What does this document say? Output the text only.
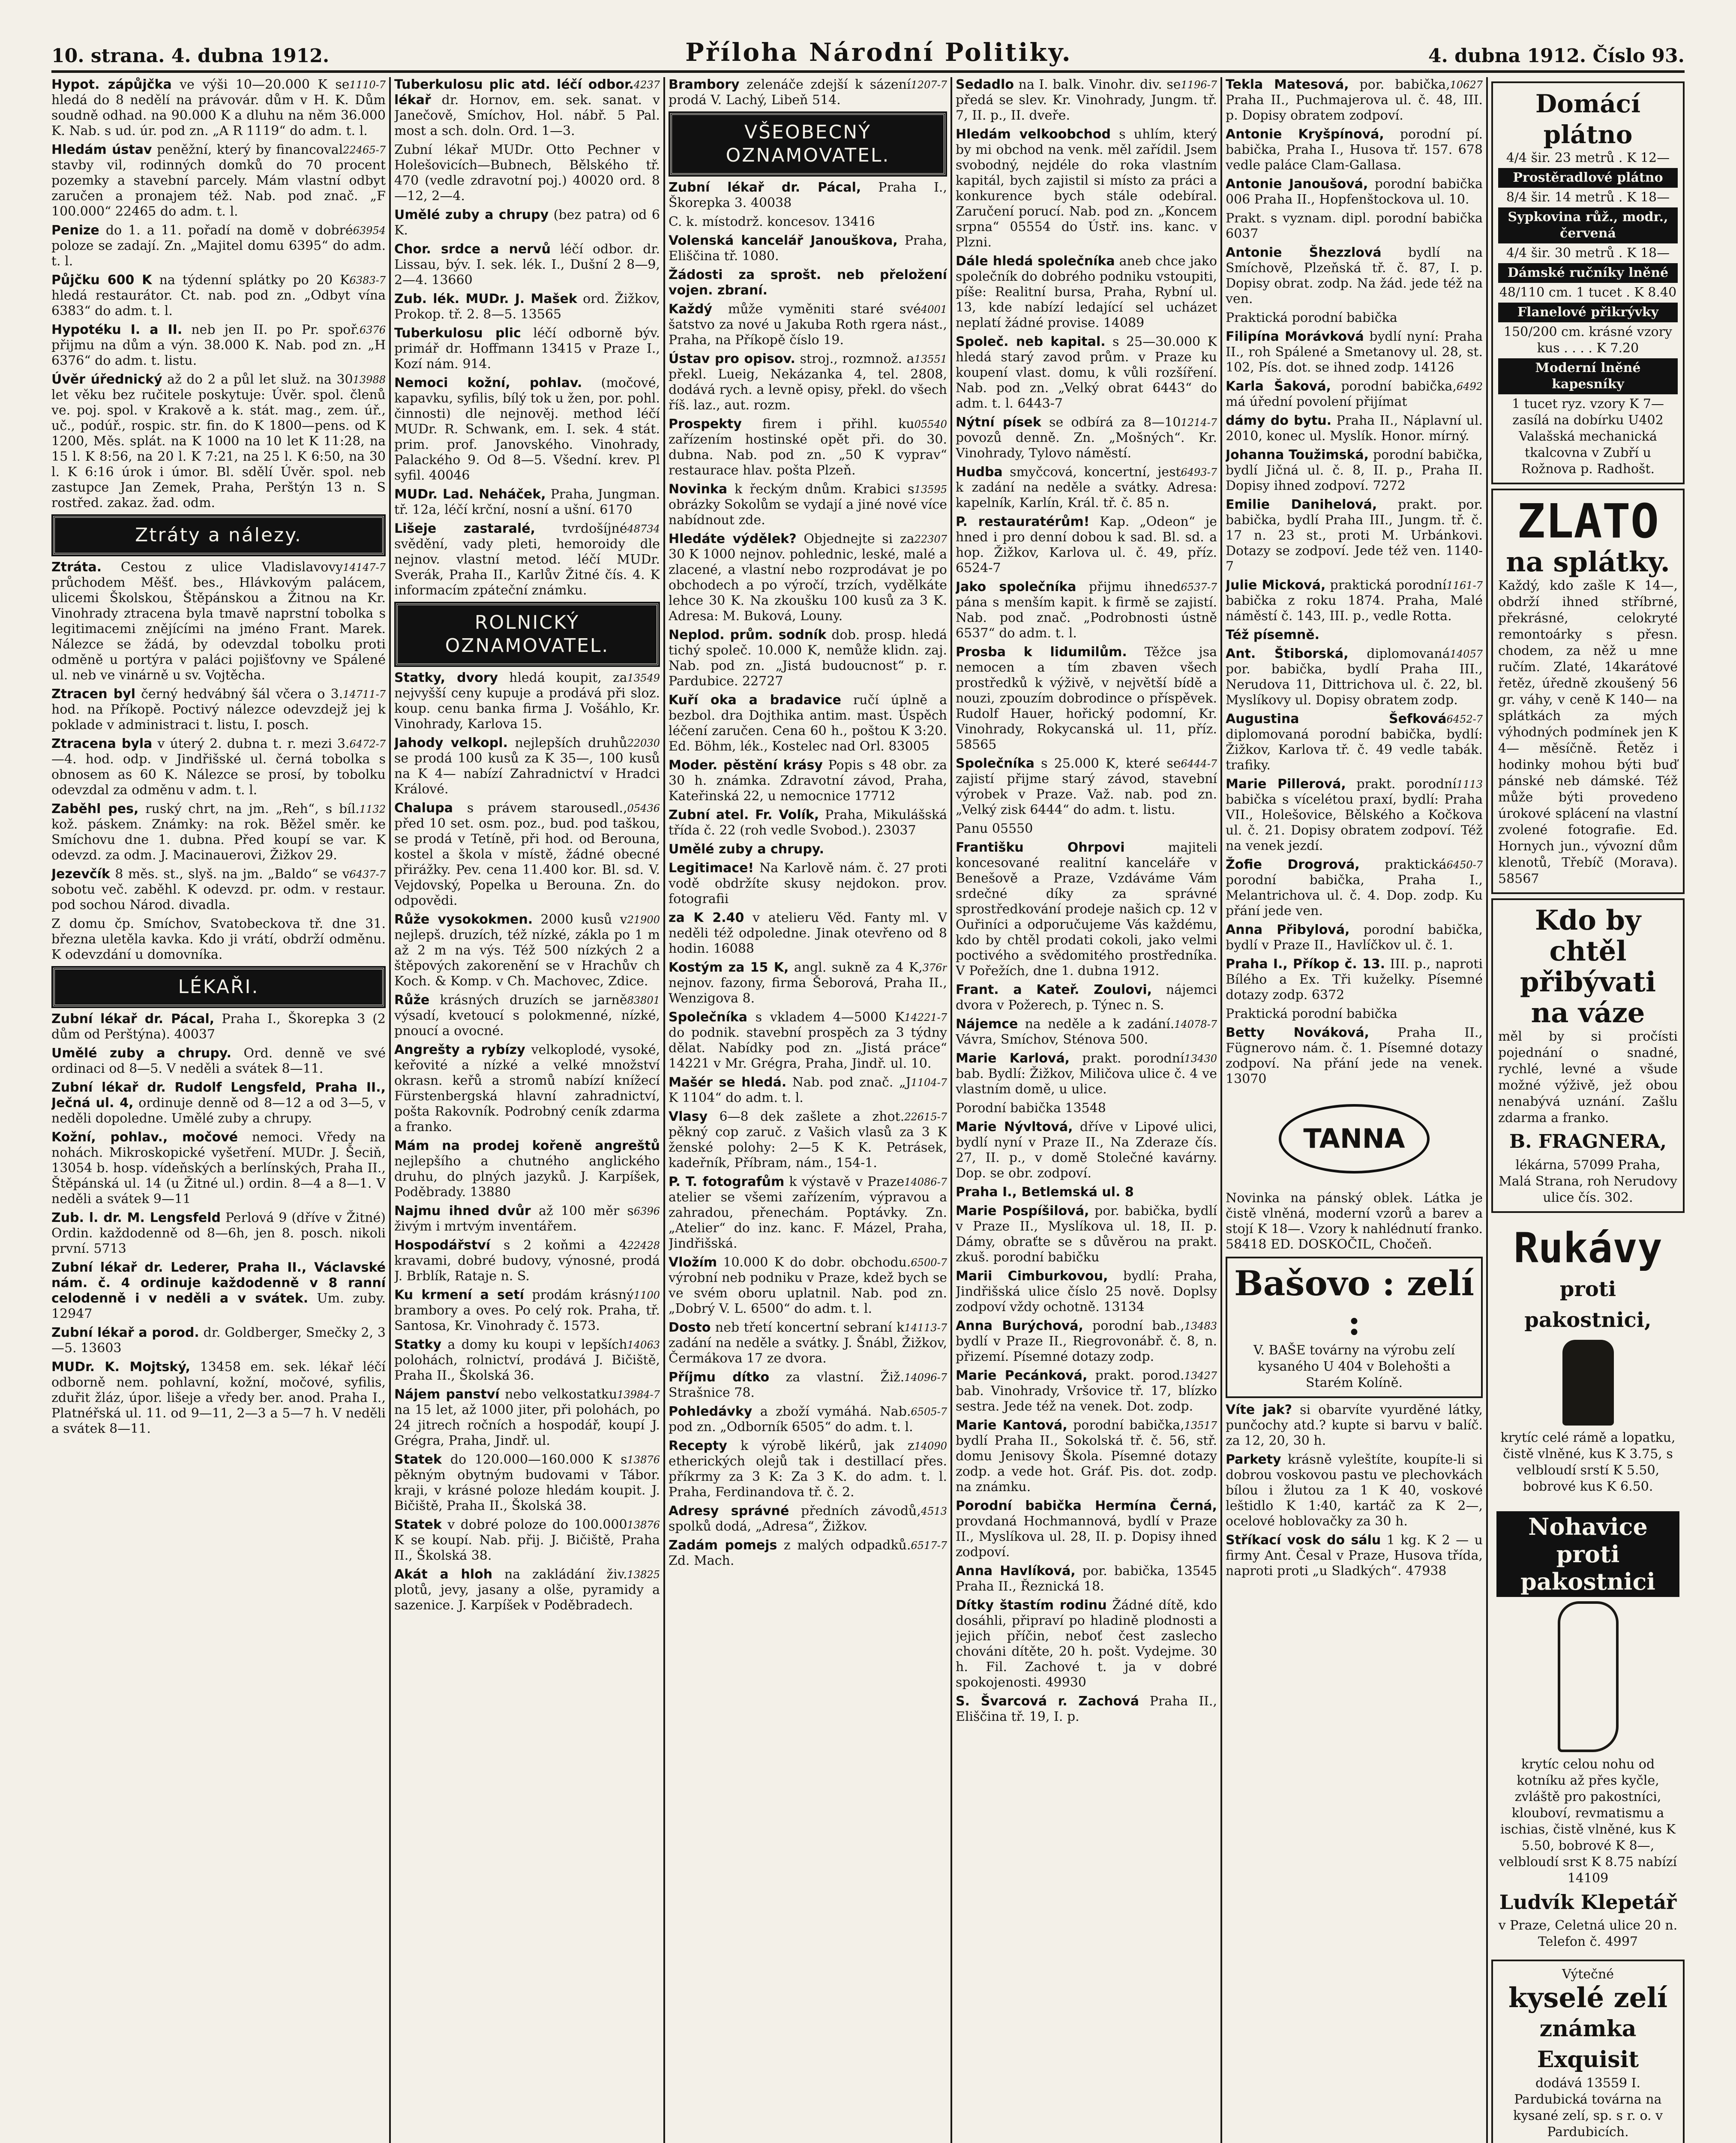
10. strana. 4. dubna 1912.	Příloha Národní Politiky.	4. dubna 1912. Číslo 93.
1110-7
Hypot. zápůjčka ve výši 10—20.000 K se hledá do 8 nedělí na právovár. dům v H. K. Dům soudně odhad. na 90.000 K a dluhu na něm 36.000 K. Nab. s ud. úr. pod zn. „A R 1119“ do adm. t. l.
22465-7
Hledám ústav peněžní, který by financoval stavby vil, rodinných domků do 70 procent pozemky a stavební parcely. Mám vlastní odbyt zaručen a pronajem též. Nab. pod znač. „F 100.000“ 22465 do adm. t. l.
63954
Penize do 1. a 11. pořadí na domě v dobré poloze se zadají. Zn. „Majitel domu 6395“ do adm. t. l.
6383-7
Půjčku 600 K na týdenní splátky po 20 K hledá restaurátor. Ct. nab. pod zn. „Odbyt vína 6383“ do adm. t. l.
6376
Hypotéku I. a II. neb jen II. po Pr. spoř. přijmu na dům a výn. 38.000 K. Nab. pod zn. „H 6376“ do adm. t. listu.
13988
Úvěr úřednický až do 2 a půl let služ. na 30 let věku bez ručitele poskytuje: Úvěr. spol. členů ve. poj. spol. v Krakově a k. stát. mag., zem. úř., uč., podúř., rospic. str. fin. do K 1800—pens. od K 1200, Měs. splát. na K 1000 na 10 let K 11:28, na 15 l. K 8:56, na 20 l. K 7:21, na 25 l. K 6:50, na 30 l. K 6:16 úrok i úmor. Bl. sdělí Úvěr. spol. neb zastupce Jan Zemek, Praha, Perštýn 13 n. S rostřed. zakaz. žad. odm.
Ztráty a nálezy.
14147-7
Ztráta. Cestou z ulice Vladislavovy průchodem Měšť. bes., Hlávkovým palácem, ulicemi Školskou, Štěpánskou a Žitnou na Kr. Vinohrady ztracena byla tmavě naprstní tobolka s legitimacemi znějícími na jméno Frant. Marek. Nálezce se žádá, by odevzdal tobolku proti odměně u portýra v paláci pojišťovny ve Spálené ul. neb ve vinárně u sv. Vojtěcha.
14711-7
Ztracen byl černý hedvábný šál včera o 3. hod. na Příkopě. Poctivý nálezce odevzdejž jej k poklade v administraci t. listu, I. posch.
6472-7
Ztracena byla v úterý 2. dubna t. r. mezi 3.—4. hod. odp. v Jindřišské ul. černá tobolka s obnosem as 60 K. Nálezce se prosí, by tobolku odevzdal za odměnu v adm. t. l.
1132
Zaběhl pes, ruský chrt, na jm. „Reh“, s bíl. kož. páskem. Známky: na rok. Běžel směr. ke Smíchovu dne 1. dubna. Před koupí se var. K odevzd. za odm. J. Macinauerovi, Žižkov 29.
6437-7
Jezevčík 8 měs. st., slyš. na jm. „Baldo“ se v sobotu več. zaběhl. K odevzd. pr. odm. v restaur. pod sochou Národ. divadla.
Z domu čp. Smíchov, Svatobeckova tř. dne 31. března uletěla kavka. Kdo ji vrátí, obdrží odměnu. K odevzdání u domovníka.
LÉKAŘI.
Zubní lékař dr. Pácal, Praha I., Škorepka 3 (2 dům od Perštýna). 40037
Umělé zuby a chrupy. Ord. denně ve své ordinaci od 8—5. V neděli a svátek 8—11.
Zubní lékař dr. Rudolf Lengsfeld, Praha II., Ječná ul. 4, ordinuje denně od 8—12 a od 3—5, v neděli dopoledne. Umělé zuby a chrupy.
Kožní, pohlav., močové nemoci. Vředy na nohách. Mikroskopické vyšetření. MUDr. J. Šeciň, 13054 b. hosp. vídeňských a berlínských, Praha II., Štěpánská ul. 14 (u Žitné ul.) ordin. 8—4 a 8—1. V neděli a svátek 9—11
Zub. l. dr. M. Lengsfeld Perlová 9 (dříve v Žitné) Ordin. každodenně od 8—6h, jen 8. posch. nikoli první. 5713
Zubní lékař dr. Lederer, Praha II., Václavské nám. č. 4 ordinuje každodenně v 8 ranní celodenně i v neděli a v svátek. Um. zuby. 12947
Zubní lékař a porod. dr. Goldberger, Smečky 2, 3—5. 13603
MUDr. K. Mojtský, 13458 em. sek. lékař léčí odborně nem. pohlavní, kožní, močové, syfilis, zduřit žláz, úpor. lišeje a vředy ber. anod. Praha I., Platnéřská ul. 11. od 9—11, 2—3 a 5—7 h. V neděli a svátek 8—11.
4237
Tuberkulosu plic atd. léčí odbor. lékař dr. Hornov, em. sek. sanat. v Janečově, Smíchov, Hol. nábř. 5 Pal. most a sch. doln. Ord. 1—3.
Zubní lékař MUDr. Otto Pechner v Holešovicích—Bubnech, Bělského tř. 470 (vedle zdravotní poj.) 40020 ord. 8—12, 2—4.
Umělé zuby a chrupy (bez patra) od 6 K.
Chor. srdce a nervů léčí odbor. dr. Lissau, býv. I. sek. lék. I., Dušní 2 8—9, 2—4. 13660
Zub. lék. MUDr. J. Mašek ord. Žižkov, Prokop. tř. 2. 8—5. 13565
Tuberkulosu plic léčí odborně býv. primář dr. Hoffmann 13415 v Praze I., Kozí nám. 914.
Nemoci kožní, pohlav. (močové, kapavku, syfilis, bílý tok u žen, por. pohl. činnosti) dle nejnověj. method léčí MUDr. R. Schwank, em. I. sek. 4 stát. prim. prof. Janovského. Vinohrady, Palackého 9. Od 8—5. Všední. krev. Pl syfil. 40046
MUDr. Lad. Neháček, Praha, Jungman. tř. 12a, léčí krční, nosní a ušní. 6170
48734
Lišeje zastaralé, tvrdošíjné svědění, vady pleti, hemoroidy dle nejnov. vlastní metod. léčí MUDr. Sverák, Praha II., Karlův Žitné čís. 4. K informacím zpáteční známku.
ROLNICKÝ OZNAMOVATEL.
13549
Statky, dvory hledá koupit, za nejvyšší ceny kupuje a prodává při sloz. koup. cenu banka firma J. Vošáhlo, Kr. Vinohrady, Karlova 15.
22030
Jahody velkopl. nejlepších druhů se prodá 100 kusů za K 35—, 100 kusů na K 4— nabízí Zahradnictví v Hradci Králové.
05436
Chalupa s právem starousedl., před 10 set. osm. poz., bud. pod taškou, se prodá v Tetíně, při hod. od Berouna, kostel a škola v místě, žádné obecné přirážky. Pev. cena 11.400 kor. Bl. sd. V. Vejdovský, Popelka u Berouna. Zn. do odpovědi.
21900
Růže vysokokmen. 2000 kusů v nejlepš. druzích, též nízké, zákla po 1 m až 2 m na výs. Též 500 nízkých 2 a štěpových zakorenění se v Hrachův ch Koch. & Komp. v Ch. Machovec, Zdice.
83801
Růže krásných druzích se jarně výsadí, kvetoucí s polokmenné, nízké, pnoucí a ovocné.
Angrešty a rybízy velkoplodé, vysoké, keřovité a nízké a velké množství okrasn. keřů a stromů nabízí knížecí Fürstenbergská hlavní zahradnictví, pošta Rakovník. Podrobný ceník zdarma a franko.
Mám na prodej kořeně angreštů nejlepšího a chutného anglického druhu, do plných jazyků. J. Karpíšek, Poděbrady. 13880
6396
Najmu ihned dvůr až 100 měr s živým i mrtvým inventářem.
22428
Hospodářství s 2 koňmi a 4 kravami, dobré budovy, výnosné, prodá J. Brblík, Rataje n. S.
1100
Ku krmení a setí prodám krásný brambory a oves. Po celý rok. Praha, tř. Santosa, Kr. Vinohrady č. 1573.
14063
Statky a domy ku koupi v lepších polohách, rolnictví, prodává J. Bičiště, Praha II., Školská 36.
13984-7
Nájem panství nebo velkostatku na 15 let, až 1000 jiter, při polohách, po 24 jitrech ročních a hospodář, koupí J. Grégra, Praha, Jindř. ul.
13876
Statek do 120.000—160.000 K s pěkným obytným budovami v Tábor. kraji, v krásné poloze hledám koupit. J. Bičiště, Praha II., Školská 38.
13876
Statek v dobré poloze do 100.000 K se koupí. Nab. přij. J. Bičiště, Praha II., Školská 38.
13825
Akát a hloh na zakládání živ. plotů, jevy, jasany a olše, pyramidy a sazenice. J. Karpíšek v Poděbradech.
1207-7
Brambory zelenáče zdejší k sázení prodá V. Lachý, Libeň 514.
VŠEOBECNÝ OZNAMOVATEL.
Zubní lékař dr. Pácal, Praha I., Škorepka 3. 40038
C. k. místodrž. koncesov. 13416
Volenská kancelář Janouškova, Praha, Eliščina tř. 1080.
Žádosti za sprošt. neb přeložení vojen. zbraní.
4001
Každý může vyměniti staré své šatstvo za nové u Jakuba Roth rgera nást., Praha, na Příkopě číslo 19.
13551
Ústav pro opisov. stroj., rozmnož. a překl. Lueig, Nekázanka 4, tel. 2808, dodává rych. a levně opisy, překl. do všech říš. laz., aut. rozm.
05540
Prospekty firem i přihl. ku zařízením hostinské opět při. do 30. dubna. Nab. pod zn. „50 K vyprav“ restaurace hlav. pošta Plzeň.
13595
Novinka k řeckým dnům. Krabici s obrázky Sokolům se vydají a jiné nové více nabídnout zde.
22307
Hledáte výdělek? Objednejte si za 30 K 1000 nejnov. pohlednic, leské, malé a zlacené, a vlastní nebo rozprodávat je po obchodech a po výročí, trzích, vydělkáte lehce 30 K. Na zkoušku 100 kusů za 3 K. Adresa: M. Buková, Louny.
Neplod. prům. sodník dob. prosp. hledá tichý společ. 10.000 K, nemůže klidn. zaj. Nab. pod zn. „Jistá budoucnost“ p. r. Pardubice. 22727
Kuří oka a bradavice ručí úplně a bezbol. dra Dojthika antim. mast. Úspěch léčení zaručen. Cena 60 h., poštou K 3:20. Ed. Böhm, lék., Kostelec nad Orl. 83005
Moder. pěstění krásy Popis s 48 obr. za 30 h. známka. Zdravotní závod, Praha, Kateřinská 22, u nemocnice 17712
Zubní atel. Fr. Volík, Praha, Mikulášská třída č. 22 (roh vedle Svobod.). 23037
Umělé zuby a chrupy.
Legitimace! Na Karlově nám. č. 27 proti vodě obdržíte skusy nejdokon. prov. fotografii
za K 2.40 v atelieru Věd. Fanty ml. V neděli též odpoledne. Jinak otevřeno od 8 hodin. 16088
376r
Kostým za 15 K, angl. sukně za 4 K, nejnov. fazony, firma Šeborová, Praha II., Wenzigova 8.
14221-7
Společníka s vkladem 4—5000 K do podnik. stavební prospěch za 3 týdny dělat. Nabídky pod zn. „Jistá práce“ 14221 v Mr. Grégra, Praha, Jindř. ul. 10.
1104-7
Mašér se hledá. Nab. pod znač. „J K 1104“ do adm. t. l.
22615-7
Vlasy 6—8 dek zašlete a zhot. pěkný cop zaruč. z Vašich vlasů za 3 K ženské polohy: 2—5 K K. Petrásek, kadeřník, Příbram, nám., 154-1.
14086-7
P. T. fotografům k výstavě v Praze atelier se všemi zařízením, výpravou a zahradou, přenechám. Poptávky. Zn. „Atelier“ do inz. kanc. F. Mázel, Praha, Jindřišská.
6500-7
Vložím 10.000 K do dobr. obchodu. výrobní neb podniku v Praze, kdež bych se ve svém oboru uplatnil. Nab. pod zn. „Dobrý V. L. 6500“ do adm. t. l.
14113-7
Dosto neb třetí koncertní sebraní k zadání na neděle a svátky. J. Šnábl, Žižkov, Čermákova 17 ze dvora.
14096-7
Příjmu dítko za vlastní. Žiž. Strašnice 78.
6505-7
Pohledávky a zboží vymáhá. Nab. pod zn. „Odborník 6505“ do adm. t. l.
14090
Recepty k výrobě likérů, jak z etherických olejů tak i destillací přes. příkrmy za 3 K: Za 3 K. do adm. t. l. Praha, Ferdinandova tř. č. 2.
4513
Adresy správné předních závodů, spolků dodá, „Adresa“, Žižkov.
6517-7
Zadám pomejs z malých odpadků. Zd. Mach.
1196-7
Sedadlo na I. balk. Vinohr. div. se předá se slev. Kr. Vinohrady, Jungm. tř. 7, II. p., II. dveře.
Hledám velkoobchod s uhlím, který by mi obchod na venk. měl zařídil. Jsem svobodný, nejdéle do roka vlastním kapitál, bych zajistil si místo za práci a konkurence bych stále odebíral. Zaručení porucí. Nab. pod zn. „Koncem srpna“ 05554 do Ústř. ins. kanc. v Plzni.
Dále hledá společníka aneb chce jako společník do dobrého podniku vstoupiti, píše: Realitní bursa, Praha, Rybní ul. 13, kde nabízí ledající sel ucházet neplatí žádné provise. 14089
Společ. neb kapital. s 25—30.000 K hledá starý zavod prům. v Praze ku koupení vlast. domu, k vůli rozšíření. Nab. pod zn. „Velký obrat 6443“ do adm. t. l. 6443-7
1214-7
Nýtní písek se odbírá za 8—10 povozů denně. Zn. „Mošných“. Kr. Vinohrady, Tylovo náměstí.
6493-7
Hudba smyčcová, koncertní, jest k zadání na neděle a svátky. Adresa: kapelník, Karlín, Král. tř. č. 85 n.
P. restauratérům! Kap. „Odeon“ je hned i pro denní dobou k sad. Bl. sd. a hop. Žižkov, Karlova ul. č. 49, příz. 6524-7
6537-7
Jako společníka přijmu ihned pána s menším kapit. k firmě se zajistí. Nab. pod znač. „Podrobnosti ústně 6537“ do adm. t. l.
Prosba k lidumilům. Těžce jsa nemocen a tím zbaven všech prostředků k výživě, v největší bídě a nouzi, zpouzím dobrodince o příspěvek. Rudolf Hauer, hořický podomní, Kr. Vinohrady, Rokycanská ul. 11, příz. 58565
6444-7
Společníka s 25.000 K, které se zajistí přijme starý závod, stavební výrobek v Praze. Važ. nab. pod zn. „Velký zisk 6444“ do adm. t. listu.
Panu 05550
Františku Ohrpovi	majiteli koncesované realitní kanceláře v Benešově a Praze, Vzdáváme Vám srdečné díky za správné sprostředkování prodeje našich cp. 12 v Ouřiníci a odporučujeme Vás každému, kdo by chtěl prodati cokoli, jako velmi poctivého a svědomitého prostředníka. V Pořežích, dne 1. dubna 1912.
Frant. a Kateř. Zoulovi, nájemci dvora v Požerech, p. Týnec n. S.
14078-7
Nájemce na neděle a k zadání. Vávra, Smíchov, Sténova 500.
13430
Marie Karlová, prakt. porodní bab. Bydlí: Žižkov, Miličova ulice č. 4 ve vlastním domě, u ulice.
Porodní babička 13548
Marie Nývltová, dříve v Lipové ulici, bydlí nyní v Praze II., Na Zderaze čís. 27, II. p., v domě Stolečné kavárny. Dop. se obr. zodpoví.
Praha I., Betlemská ul. 8
Marie Pospíšilová, por. babička, bydlí v Praze II., Myslíkova ul. 18, II. p. Dámy, obraťte se s důvěrou na prakt. zkuš. porodní babičku
Marii Cimburkovou, bydlí: Praha, Jindřišská ulice číslo 25 nově. Doplsy zodpoví vždy ochotně. 13134
13483
Anna Burýchová, porodní bab., bydlí v Praze II., Riegrovonábř. č. 8, n. přizemí. Písemné dotazy zodp.
13427
Marie Pecánková, prakt. porod. bab. Vinohrady, Vršovice tř. 17, blízko sestra. Jede též na venek. Dot. zodp.
13517
Marie Kantová, porodní babička, bydlí Praha II., Sokolská tř. č. 56, stř. domu Jenisovy Škola. Písemné dotazy zodp. a vede hot. Gráf. Pis. dot. zodp. na známku.
Porodní babička Hermína Černá, provdaná Hochmannová, bydlí v Praze II., Myslíkova ul. 28, II. p. Dopisy ihned zodpoví.
Anna Havlíková, por. babička, 13545 Praha II., Řeznická 18.
Dítky štastím rodinu Žádné dítě, kdo dosáhli, připraví po hladině plodnosti a jejich příčin, neboť čest zaslecho chováni dítěte, 20 h. pošt. Vydejme. 30 h. Fil. Zachové t. ja v dobré spokojenosti. 49930
S. Švarcová r. Zachová Praha II., Eliščina tř. 19, I. p.
10627
Tekla Matesová, por. babička, Praha II., Puchmajerova ul. č. 48, III. p. Dopisy obratem zodpoví.
Antonie Kryšpínová, porodní pí. babička, Praha I., Husova tř. 157. 678 vedle paláce Clam-Gallasa.
Antonie Janoušová, porodní babička 006 Praha II., Hopfenštockova ul. 10.
Prakt. s vyznam. dipl. porodní babička 6037
Antonie Šhezzlová bydlí na Smíchově, Plzeňská tř. č. 87, I. p. Dopisy obrat. zodp. Na žád. jede též na ven.
Praktická porodní babička
Filipína Morávková bydlí nyní: Praha II., roh Spálené a Smetanovy ul. 28, st. 102, Pís. dot. se ihned zodp. 14126
6492
Karla Šaková, porodní babička, má úřední povolení přijímat
dámy do bytu. Praha II., Náplavní ul. 2010, konec ul. Myslík. Honor. mírný.
Johanna Toužimská, porodní babička, bydlí Jičná ul. č. 8, II. p., Praha II. Dopisy ihned zodpoví. 7272
Emilie Danihelová, prakt. por. babička, bydlí Praha III., Jungm. tř. č. 17 n. 23 st., proti M. Urbánkovi. Dotazy se zodpoví. Jede též ven. 1140-7
1161-7
Julie Micková, praktická porodní babička z roku 1874. Praha, Malé náměstí č. 143, III. p., vedle Rotta.
Též písemně.
14057
Ant. Štiborská, diplomovaná por. babička, bydlí Praha III., Nerudova 11, Dittrichova ul. č. 22, bl. Myslíkovy ul. Dopisy obratem zodp.
6452-7
Augustina Šefková diplomovaná porodní babička, bydlí: Žižkov, Karlova tř. č. 49 vedle tabák. trafiky.
1113
Marie Pillerová, prakt. porodní babička s vícelétou praxí, bydlí: Praha VII., Holešovice, Bělského a Kočkova ul. č. 21. Dopisy obratem zodpoví. Též na venek jezdí.
6450-7
Žofie Drogrová, praktická porodní babička, Praha I., Melantrichova ul. č. 4. Dop. zodp. Ku přání jede ven.
Anna Přibylová, porodní babička, bydlí v Praze II., Havlíčkov ul. č. 1.
Praha I., Příkop č. 13. III. p., naproti Bílého a Ex. Tři kuželky. Písemné dotazy zodp. 6372
Praktická porodní babička
Betty Nováková, Praha II., Fügnerovo nám. č. 1. Písemné dotazy zodpoví. Na přání jede na venek. 13070
TANNA
Novinka na pánský oblek. Látka je čistě vlněná, moderní vzorů a barev a stojí K 18—. Vzory k nahlédnutí franko. 58418 ED. DOSKOČIL, Chočeň.
Bašovo : zelí :
V. BAŠE továrny na výrobu zelí kysaného U 404 v Bolehošti a Starém Kolíně.
Víte jak? si obarvíte vyurděné látky, punčochy atd.? kupte si barvu v balíč. za 12, 20, 30 h.
Parkety krásně vyleštíte, koupíte-li si dobrou voskovou pastu ve plechovkách bílou i žlutou za 1 K 40, voskové leštidlo K 1:40, kartáč za K 2—, ocelové hoblovačky za 30 h.
Stříkací vosk do sálu 1 kg. K 2 — u firmy Ant. Česal v Praze, Husova třída, naproti proti „u Sladkých“. 47938
Domácí plátno
4/4 šir. 23 metrů . K 12—
Prostěradlové plátno
8/4 šir. 14 metrů . K 18—
Sypkovina růž., modr., červená
4/4 šir. 30 metrů . K 18—
Dámské ručníky lněné
48/110 cm. 1 tucet . K 8.40
Flanelové přikrývky
150/200 cm. krásné vzory kus . . . . K 7.20
Moderní lněné kapesníky
1 tucet ryz. vzory K 7—
zasílá na dobírku U402
Valašská mechanická tkalcovna v Zubří u Rožnova p. Radhošt.
ZLATO
na splátky.
Každý, kdo zašle K 14—, obdrží ihned stříbrné, překrásné, celokryté remontoárky s přesn. chodem, za něž u mne ručím. Zlaté, 14karátové řetěz, úředně zkoušený 56 gr. váhy, v ceně K 140— na splátkách za mých výhodných podmínek jen K 4— měsíčně. Řetěz i hodinky mohou býti buď pánské neb dámské. Též může býti provedeno úrokové splácení na vlastní zvolené fotografie. Ed. Hornych jun., vývozní dům klenotů, Třebíč (Morava). 58567
Kdo by chtěl přibývati na váze
měl by si pročísti pojednání o snadné, rychlé, levné a všude možné výživě, jež obou nenabývá uznání. Zašlu zdarma a franko.
B. FRAGNERA,
lékárna, 57099 Praha, Malá Strana, roh Nerudovy ulice čís. 302.
Rukávy
proti pakostnici,
krytíc celé rámě a lopatku, čistě vlněné, kus K 3.75, s velbloudí srstí K 5.50, bobrové kus K 6.50.
Nohavice proti pakostnici
krytíc celou nohu od kotníku až přes kyčle, zvláště pro pakostníci, klouboví, revmatismu a ischias, čistě vlněné, kus K 5.50, bobrové K 8—, velbloudí srst K 8.75 nabízí 14109
Ludvík Klepetář
v Praze, Celetná ulice 20 n. Telefon č. 4997
Výtečné
kyselé zelí
známka Exquisit
dodává 13559 I. Pardubická továrna na kysané zelí, sp. s r. o. v Pardubicích.
